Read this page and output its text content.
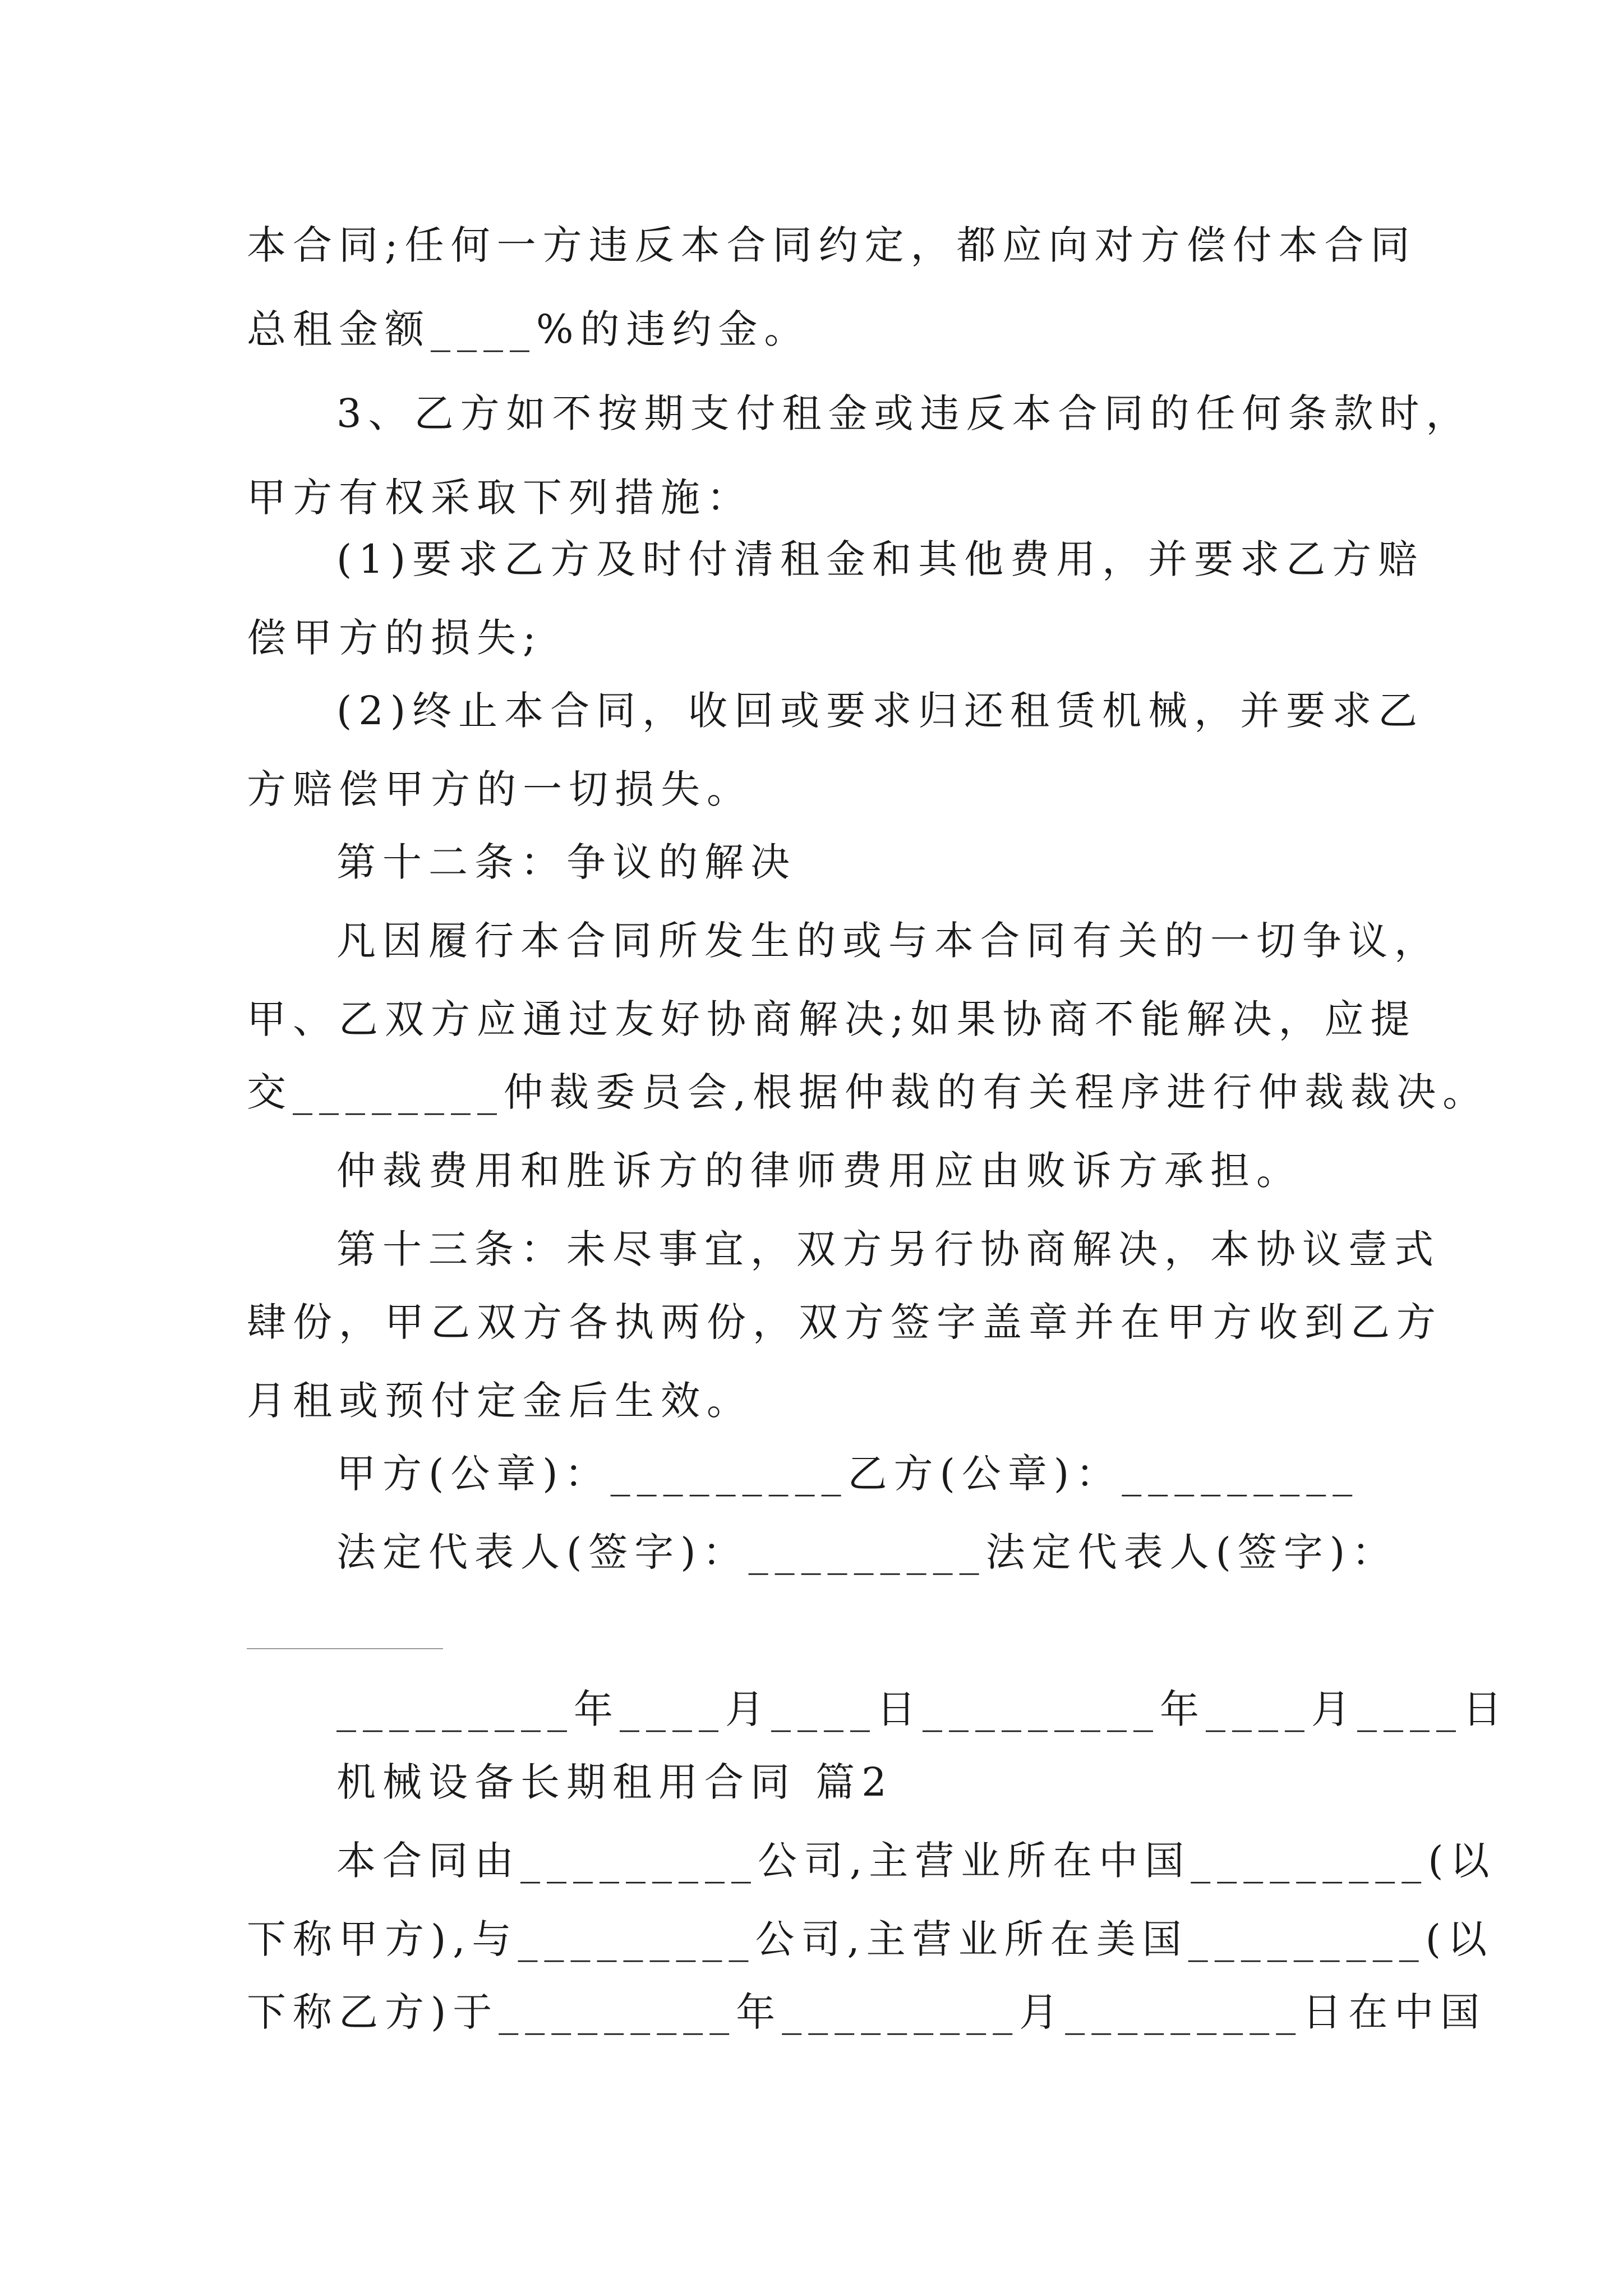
本合同;任何一方违反本合同约定，都应向对方偿付本合同
总租金额____%的违约金。
3、乙方如不按期支付租金或违反本合同的任何条款时，
甲方有权采取下列措施：
(1)要求乙方及时付清租金和其他费用，并要求乙方赔
偿甲方的损失;
(2)终止本合同，收回或要求归还租赁机械，并要求乙
方赔偿甲方的一切损失。
第十二条：争议的解决
凡因履行本合同所发生的或与本合同有关的一切争议，
甲、乙双方应通过友好协商解决;如果协商不能解决，应提
交________仲裁委员会,根据仲裁的有关程序进行仲裁裁决。
仲裁费用和胜诉方的律师费用应由败诉方承担。
第十三条：未尽事宜，双方另行协商解决，本协议壹式
肆份，甲乙双方各执两份，双方签字盖章并在甲方收到乙方
月租或预付定金后生效。
甲方(公章)：_________乙方(公章)：_________
法定代表人(签字)：_________法定代表人(签字)：
_________年____月____日_________年____月____日
机械设备长期租用合同 篇2
本合同由_________公司,主营业所在中国_________(以
下称甲方),与_________公司,主营业所在美国_________(以
下称乙方)于_________年_________月_________日在中国
